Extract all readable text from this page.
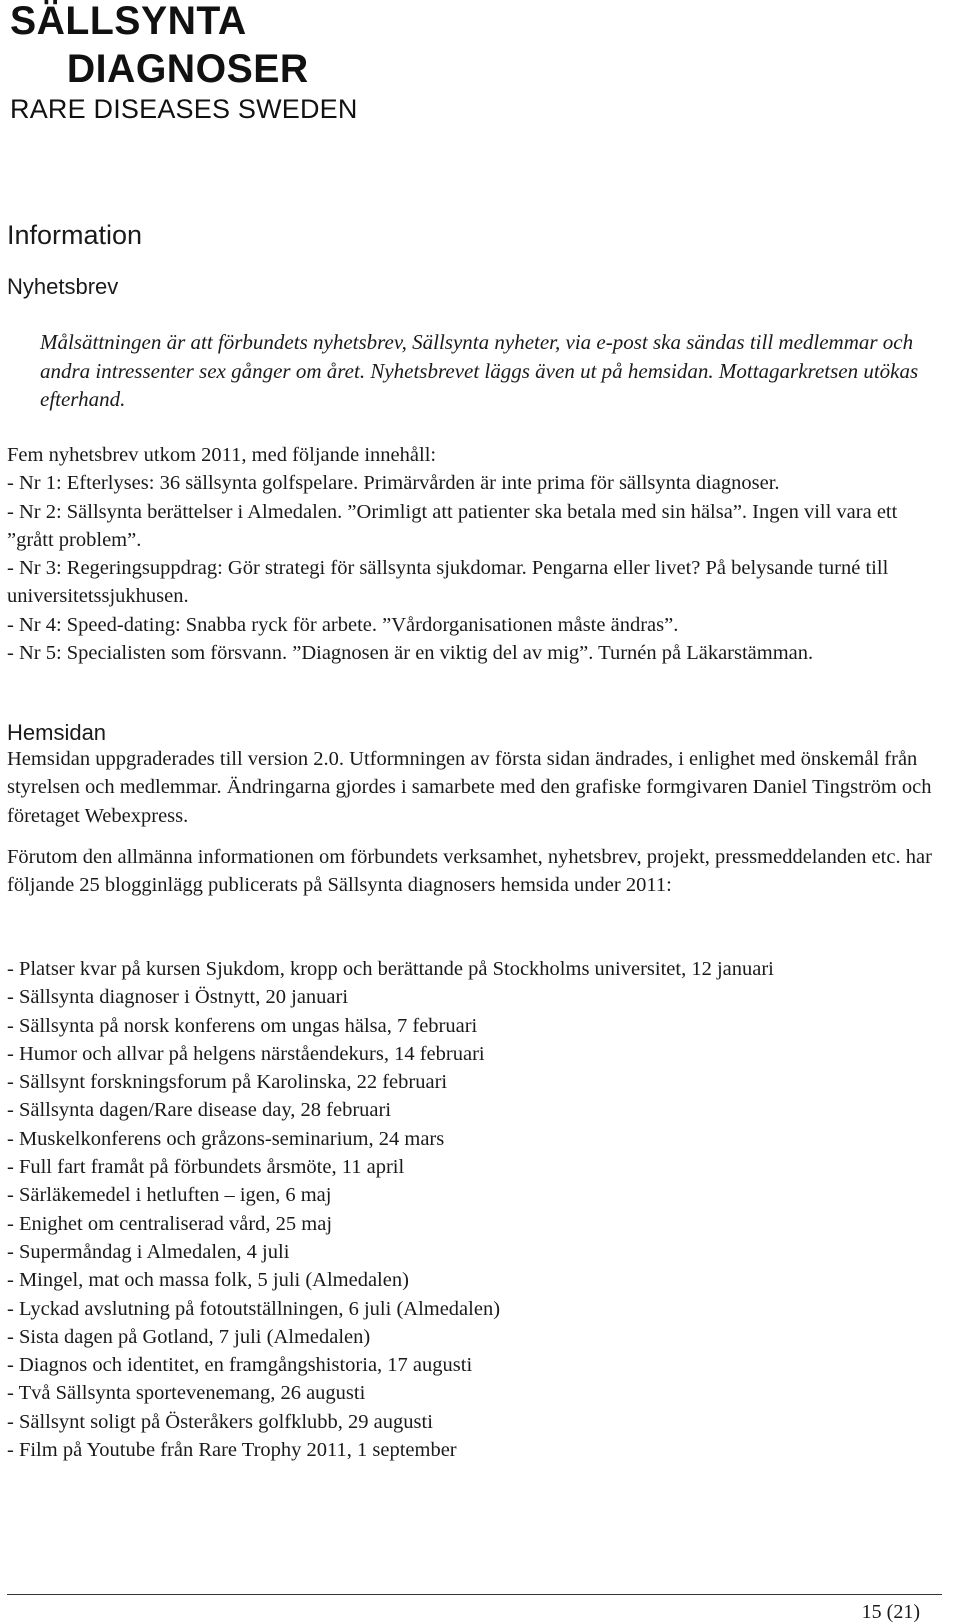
SÄLLSYNTA
DIAGNOSER
RARE DISEASES SWEDEN
Information
Nyhetsbrev

Målsättningen är att förbundets nyhetsbrev, Sällsynta nyheter, via e-post ska sändas till medlemmar och andra intressenter sex gånger om året. Nyhetsbrevet läggs även ut på hemsidan. Mottagarkretsen utökas efterhand.

Fem nyhetsbrev utkom 2011, med följande innehåll:
- Nr 1: Efterlyses: 36 sällsynta golfspelare. Primärvården är inte prima för sällsynta diagnoser.
- Nr 2: Sällsynta berättelser i Almedalen. ”Orimligt att patienter ska betala med sin hälsa”. Ingen vill vara ett ”grått problem”.
- Nr 3: Regeringsuppdrag: Gör strategi för sällsynta sjukdomar. Pengarna eller livet? På belysande turné till universitetssjukhusen.
- Nr 4: Speed-dating: Snabba ryck för arbete. ”Vårdorganisationen måste ändras”.
- Nr 5: Specialisten som försvann. ”Diagnosen är en viktig del av mig”. Turnén på Läkarstämman.
Hemsidan

Hemsidan uppgraderades till version 2.0. Utformningen av första sidan ändrades, i enlighet med önskemål från styrelsen och medlemmar. Ändringarna gjordes i samarbete med den grafiske formgivaren Daniel Tingström och företaget Webexpress.

Förutom den allmänna informationen om förbundets verksamhet, nyhetsbrev, projekt, pressmeddelanden etc. har följande 25 blogginlägg publicerats på Sällsynta diagnosers hemsida under 2011:

- Platser kvar på kursen Sjukdom, kropp och berättande på Stockholms universitet, 12 januari
- Sällsynta diagnoser i Östnytt, 20 januari
- Sällsynta på norsk konferens om ungas hälsa, 7 februari
- Humor och allvar på helgens närståendekurs, 14 februari
- Sällsynt forskningsforum på Karolinska, 22 februari
- Sällsynta dagen/Rare disease day, 28 februari
- Muskelkonferens och gråzons-seminarium, 24 mars
- Full fart framåt på förbundets årsmöte, 11 april
- Särläkemedel i hetluften – igen, 6 maj
- Enighet om centraliserad vård, 25 maj
- Supermåndag i Almedalen, 4 juli
- Mingel, mat och massa folk, 5 juli (Almedalen)
- Lyckad avslutning på fotoutställningen, 6 juli (Almedalen)
- Sista dagen på Gotland, 7 juli (Almedalen)
- Diagnos och identitet, en framgångshistoria, 17 augusti
- Två Sällsynta sportevenemang, 26 augusti
- Sällsynt soligt på Österåkers golfklubb, 29 augusti
- Film på Youtube från Rare Trophy 2011, 1 september
15 (21)
